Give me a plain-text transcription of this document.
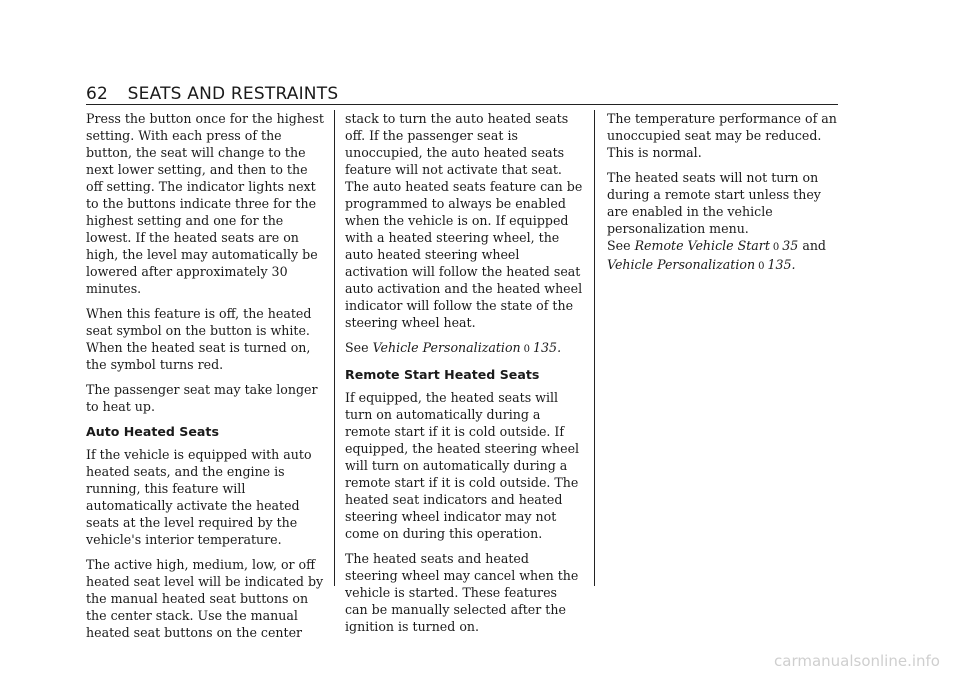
62 SEATS AND RESTRAINTS

Press the button once for the highest setting. With each press of the button, the seat will change to the next lower setting, and then to the off setting. The indicator lights next to the buttons indicate three for the highest setting and one for the lowest. If the heated seats are on high, the level may automatically be lowered after approximately 30 minutes.

When this feature is off, the heated seat symbol on the button is white. When the heated seat is turned on, the symbol turns red.

The passenger seat may take longer to heat up.

Auto Heated Seats

If the vehicle is equipped with auto heated seats, and the engine is running, this feature will automatically activate the heated seats at the level required by the vehicle's interior temperature.

The active high, medium, low, or off heated seat level will be indicated by the manual heated seat buttons on the center stack. Use the manual heated seat buttons on the center

stack to turn the auto heated seats off. If the passenger seat is unoccupied, the auto heated seats feature will not activate that seat. The auto heated seats feature can be programmed to always be enabled when the vehicle is on. If equipped with a heated steering wheel, the auto heated steering wheel activation will follow the heated seat auto activation and the heated wheel indicator will follow the state of the steering wheel heat.

See Vehicle Personalization 0 135.

Remote Start Heated Seats

If equipped, the heated seats will turn on automatically during a remote start if it is cold outside. If equipped, the heated steering wheel will turn on automatically during a remote start if it is cold outside. The heated seat indicators and heated steering wheel indicator may not come on during this operation.

The heated seats and heated steering wheel may cancel when the vehicle is started. These features can be manually selected after the ignition is turned on.

The temperature performance of an unoccupied seat may be reduced. This is normal.

The heated seats will not turn on during a remote start unless they are enabled in the vehicle personalization menu.

See Remote Vehicle Start 0 35 and
Vehicle Personalization 0 135.

carmanualsonline.info
